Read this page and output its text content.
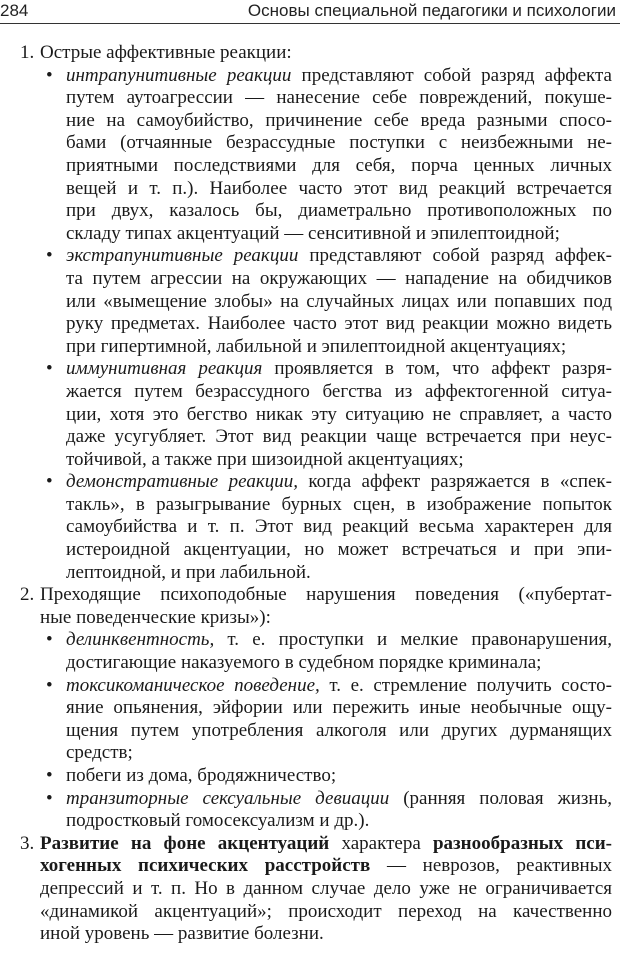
284	Основы специальной педагогики и психологии
1. Острые аффективные реакции:
• интрапунитивные реакции представляют собой разряд аффекта
путем аутоагрессии — нанесение себе повреждений, покуше-
ние на самоубийство, причинение себе вреда разными спосо-
бами (отчаянные безрассудные поступки с неизбежными не-
приятными последствиями для себя, порча ценных личных
вещей и т. п.). Наиболее часто этот вид реакций встречается
при двух, казалось бы, диаметрально противоположных по
складу типах акцентуаций — сенситивной и эпилептоидной;
• экстрапунитивные реакции представляют собой разряд аффек-
та путем агрессии на окружающих — нападение на обидчиков
или «вымещение злобы» на случайных лицах или попавших под
руку предметах. Наиболее часто этот вид реакции можно видеть
при гипертимной, лабильной и эпилептоидной акцентуациях;
• иммунитивная реакция проявляется в том, что аффект разря-
жается путем безрассудного бегства из аффектогенной ситуа-
ции, хотя это бегство никак эту ситуацию не справляет, а часто
даже усугубляет. Этот вид реакции чаще встречается при неус-
тойчивой, а также при шизоидной акцентуациях;
• демонстративные реакции, когда аффект разряжается в «спек-
такль», в разыгрывание бурных сцен, в изображение попыток
самоубийства и т. п. Этот вид реакций весьма характерен для
истероидной акцентуации, но может встречаться и при эпи-
лептоидной, и при лабильной.
2. Преходящие психоподобные нарушения поведения («пубертат-
ные поведенческие кризы»):
• делинквентность, т. е. проступки и мелкие правонарушения,
достигающие наказуемого в судебном порядке криминала;
• токсикоманическое поведение, т. е. стремление получить состо-
яние опьянения, эйфории или пережить иные необычные ощу-
щения путем употребления алкоголя или других дурманящих
средств;
• побеги из дома, бродяжничество;
• транзиторные сексуальные девиации (ранняя половая жизнь,
подростковый гомосексуализм и др.).
3. Развитие на фоне акцентуаций характера разнообразных пси-
хогенных психических расстройств — неврозов, реактивных
депрессий и т. п. Но в данном случае дело уже не ограничивается
«динамикой акцентуаций»; происходит переход на качественно
иной уровень — развитие болезни.
